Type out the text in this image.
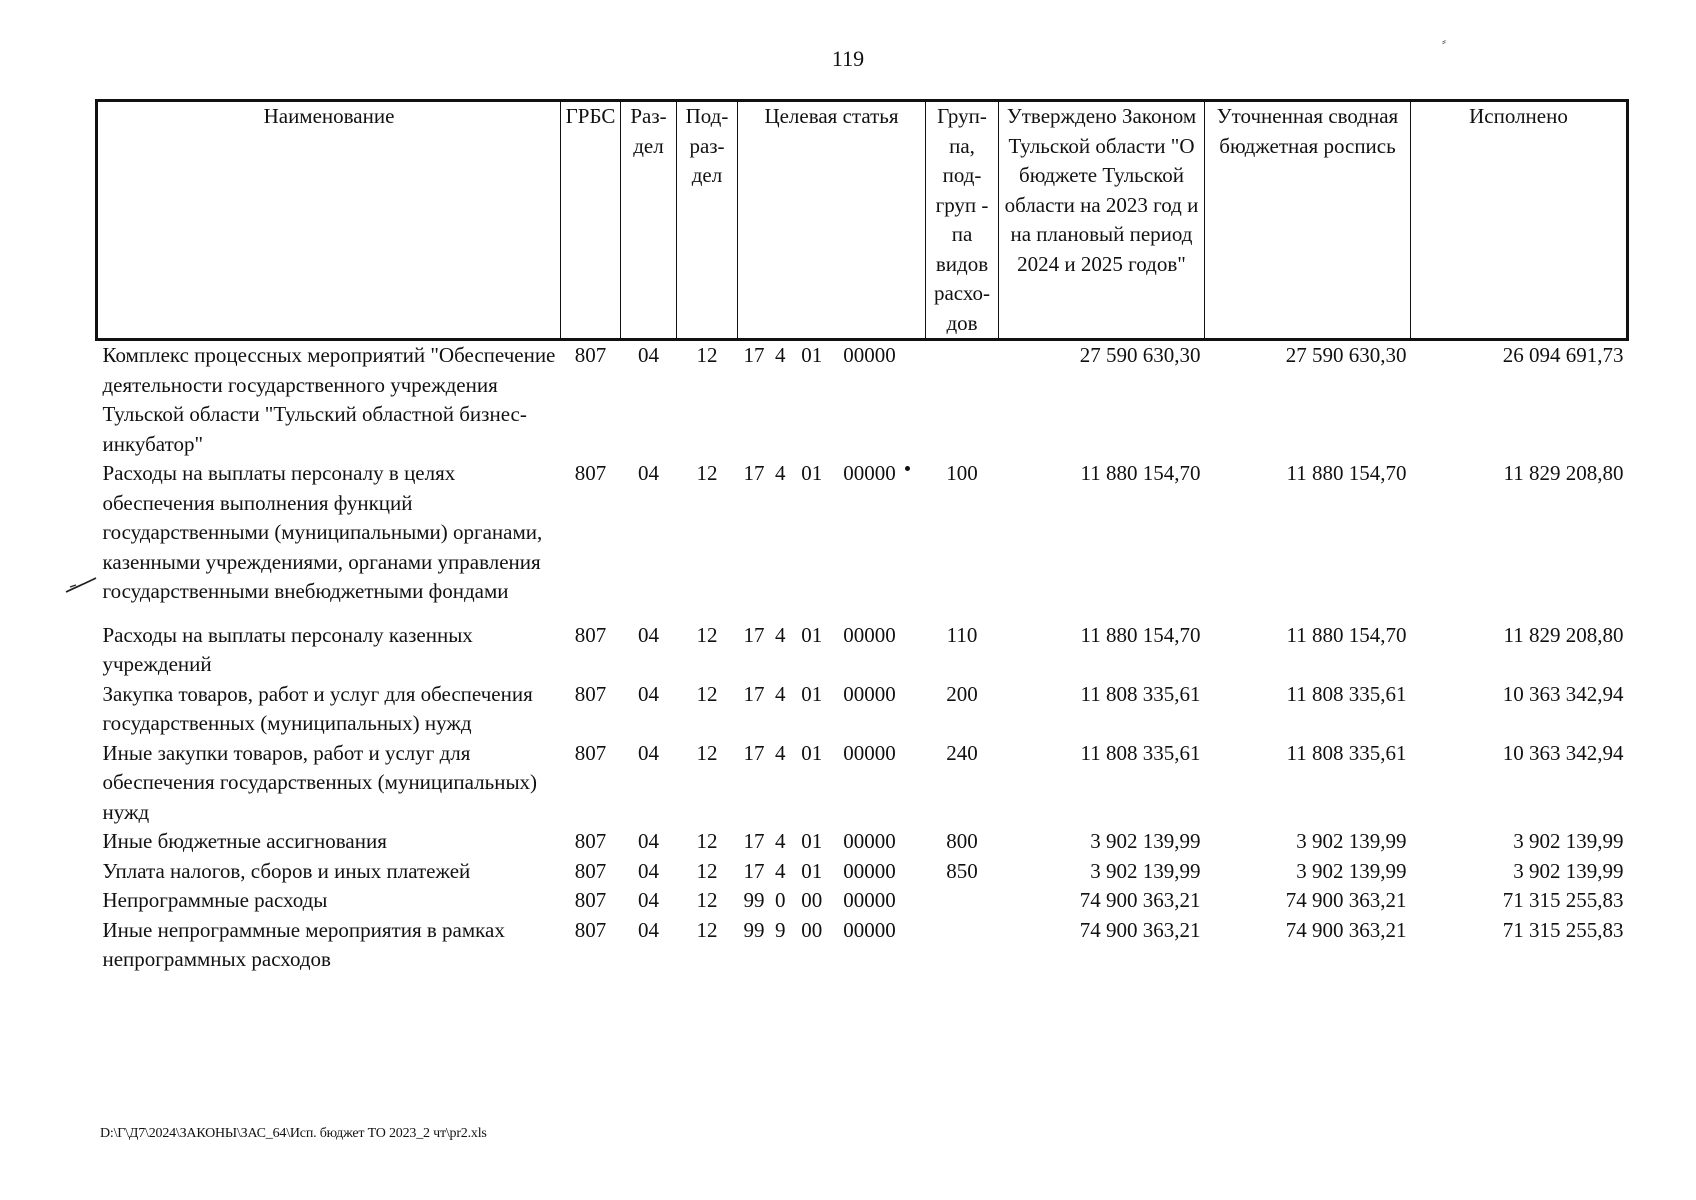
119
⸗
Наименование	ГРБС	Раз- дел	Под- раз- дел	Целевая статья	Груп- па, под- груп - па видов расхо- дов	Утверждено Законом Тульской области "О бюджете Тульской области на 2023 год и на плановый период 2024 и 2025 годов"	Уточненная сводная бюджетная роспись	Исполнено
Комплекс процессных мероприятий "Обеспечение деятельности государственного учреждения Тульской области "Тульский областной бизнес-инкубатор"	807	04	12	17  4   01    00000		27 590 630,30	27 590 630,30	26 094 691,73
Расходы на выплаты персоналу в целях обеспечения выполнения функций государственными (муниципальными) органами, казенными учреждениями, органами управления государственными внебюджетными фондами	807	04	12	17  4   01    00000	100	11 880 154,70	11 880 154,70	11 829 208,80

Расходы на выплаты персоналу казенных учреждений	807	04	12	17  4   01    00000	110	11 880 154,70	11 880 154,70	11 829 208,80
Закупка товаров, работ и услуг для обеспечения государственных (муниципальных) нужд	807	04	12	17  4   01    00000	200	11 808 335,61	11 808 335,61	10 363 342,94
Иные закупки товаров, работ и услуг для обеспечения государственных (муниципальных) нужд	807	04	12	17  4   01    00000	240	11 808 335,61	11 808 335,61	10 363 342,94
Иные бюджетные ассигнования	807	04	12	17  4   01    00000	800	3 902 139,99	3 902 139,99	3 902 139,99
Уплата налогов, сборов и иных платежей	807	04	12	17  4   01    00000	850	3 902 139,99	3 902 139,99	3 902 139,99
Непрограммные расходы	807	04	12	99  0   00    00000		74 900 363,21	74 900 363,21	71 315 255,83
Иные непрограммные мероприятия в рамках непрограммных расходов	807	04	12	99  9   00    00000		74 900 363,21	74 900 363,21	71 315 255,83
D:\Г\Д7\2024\ЗАКОНЫ\ЗАС_64\Исп. бюджет ТО 2023_2 чт\pr2.xls
